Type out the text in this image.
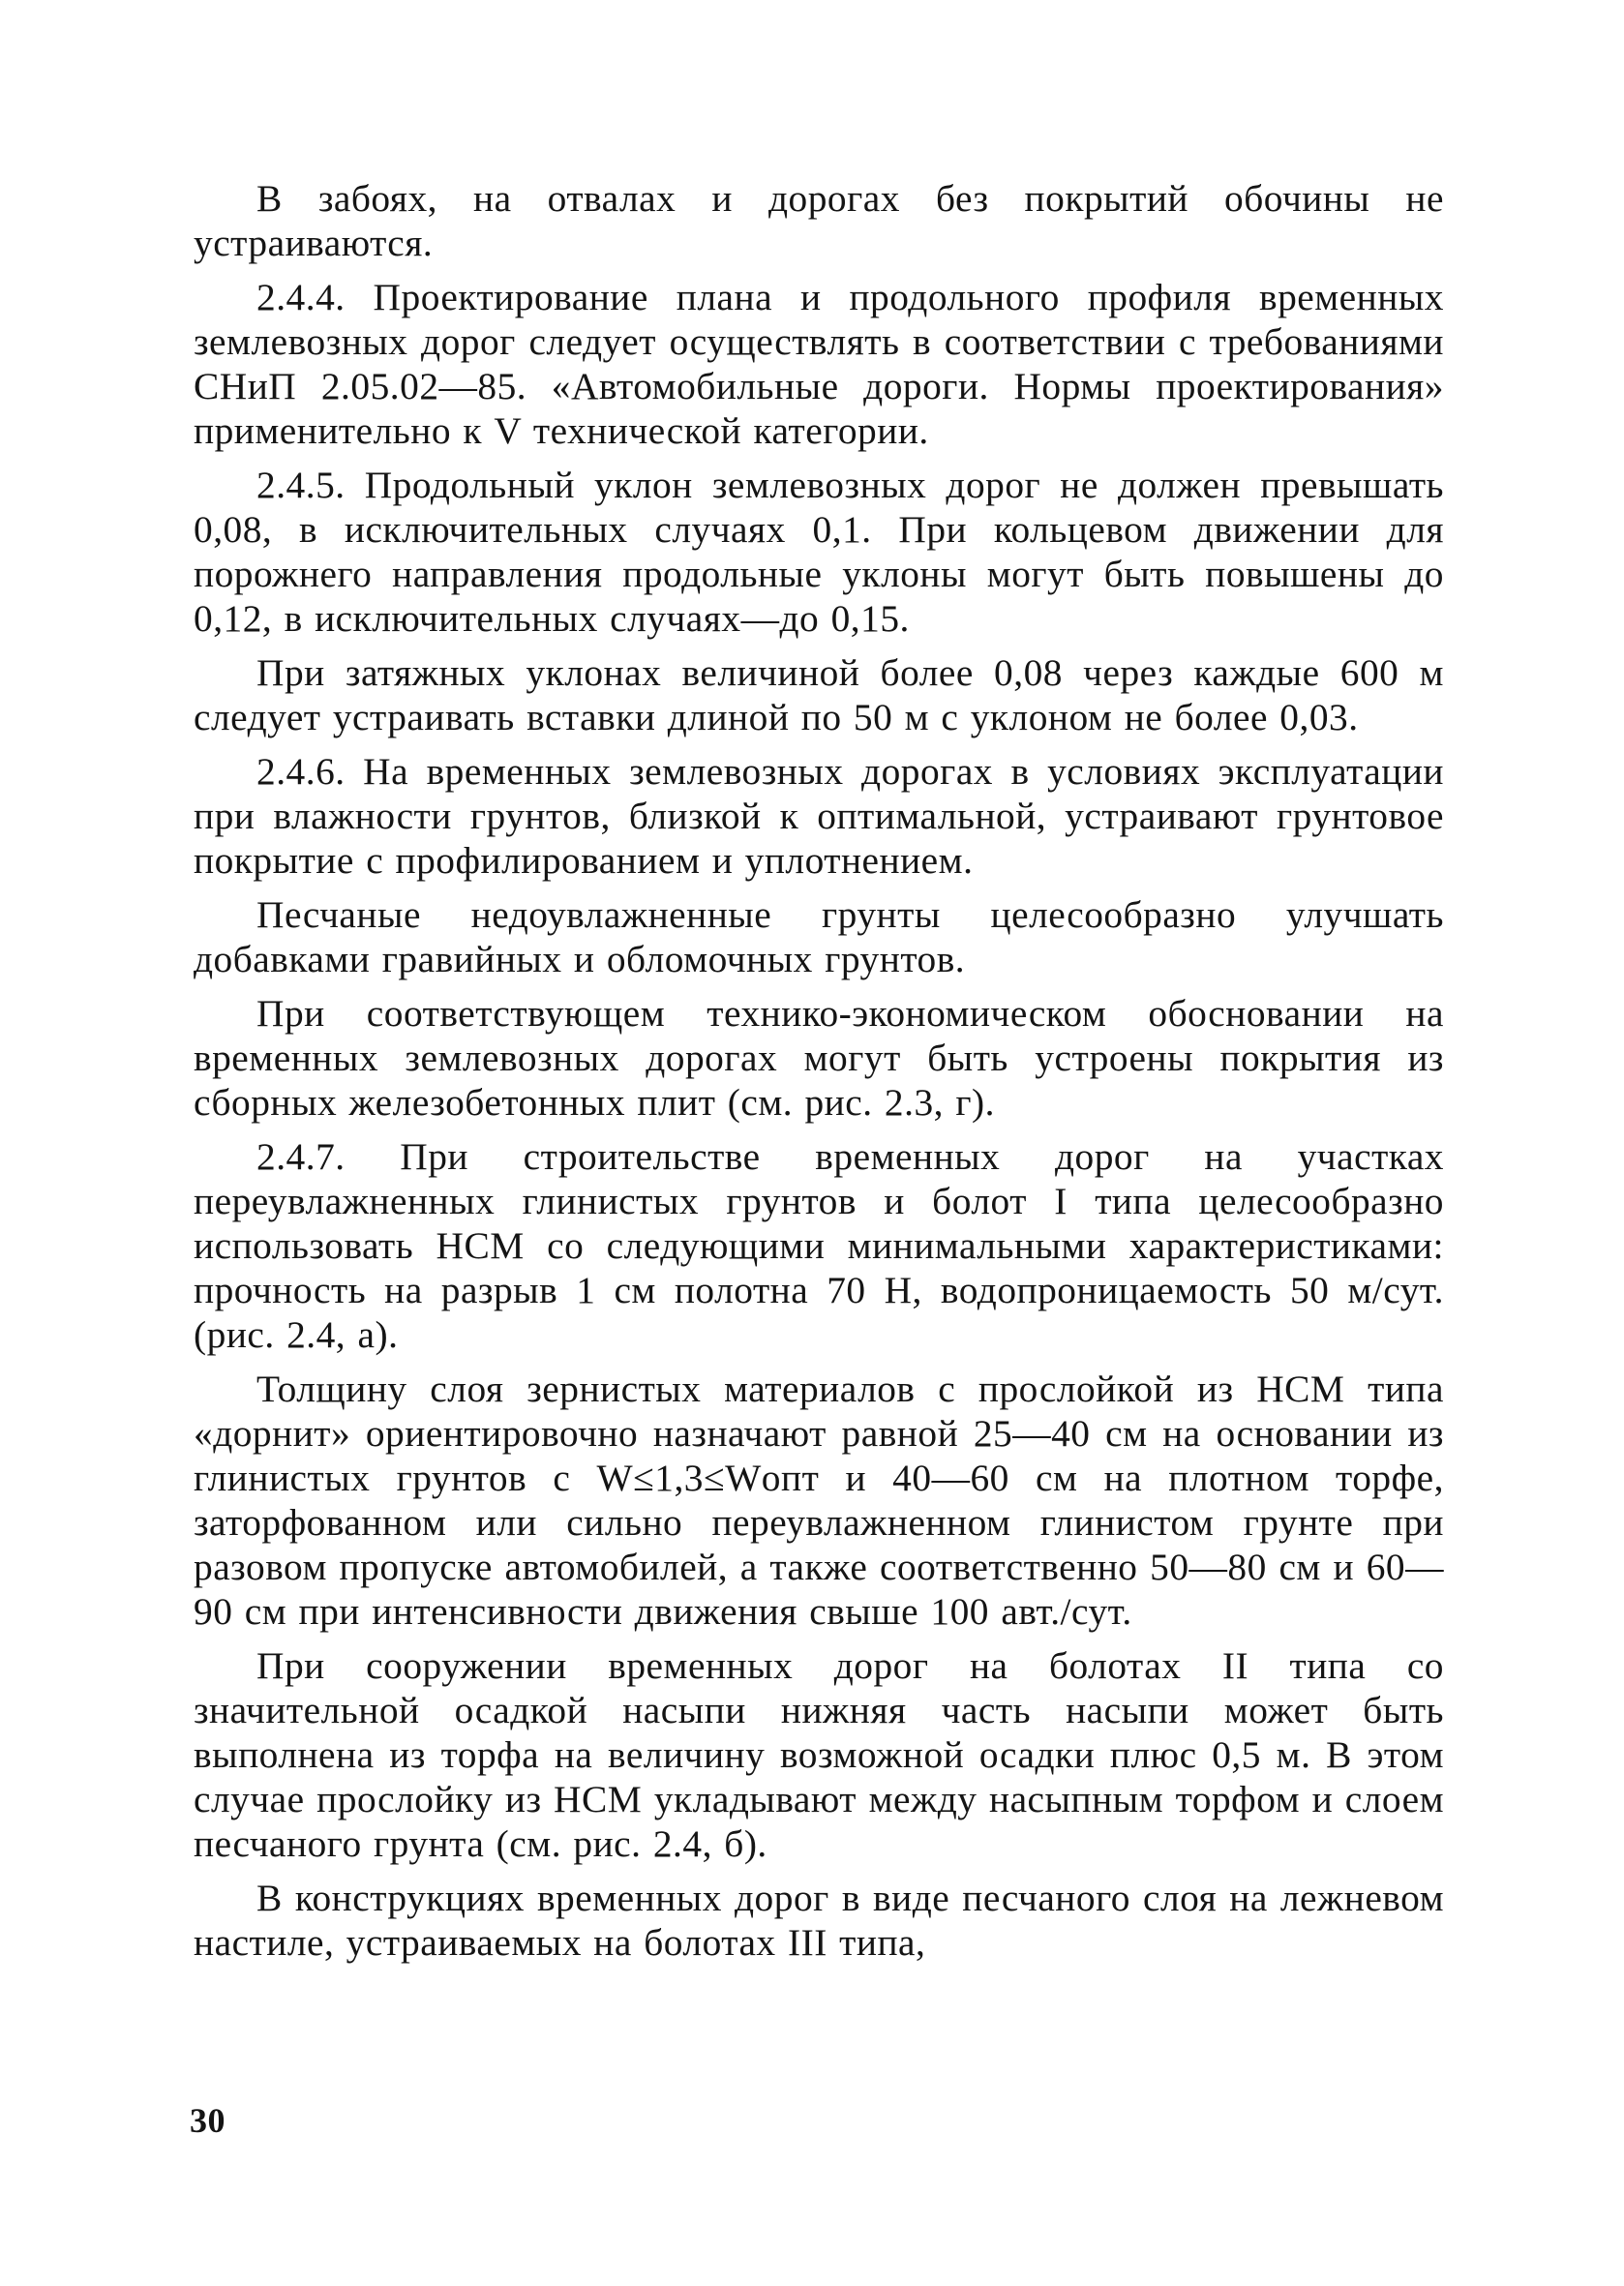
В забоях, на отвалах и дорогах без покрытий обочины не устраиваются.

2.4.4. Проектирование плана и продольного профиля временных землевозных дорог следует осуществлять в соответствии с требованиями СНиП 2.05.02—85. «Автомобильные дороги. Нормы проектирования» применительно к V технической категории.

2.4.5. Продольный уклон землевозных дорог не должен превышать 0,08, в исключительных случаях 0,1. При кольцевом движении для порожнего направления продольные уклоны могут быть повышены до 0,12, в исключительных случаях—до 0,15.

При затяжных уклонах величиной более 0,08 через каждые 600 м следует устраивать вставки длиной по 50 м с уклоном не более 0,03.

2.4.6. На временных землевозных дорогах в условиях эксплуатации при влажности грунтов, близкой к оптимальной, устраивают грунтовое покрытие с профилированием и уплотнением.

Песчаные недоувлажненные грунты целесообразно улучшать добавками гравийных и обломочных грунтов.

При соответствующем технико-экономическом обосновании на временных землевозных дорогах могут быть устроены покрытия из сборных железобетонных плит (см. рис. 2.3, г).

2.4.7. При строительстве временных дорог на участках переувлажненных глинистых грунтов и болот I типа целесообразно использовать НСМ со следующими минимальными характеристиками: прочность на разрыв 1 см полотна 70 Н, водопроницаемость 50 м/сут. (рис. 2.4, а).

Толщину слоя зернистых материалов с прослойкой из НСМ типа «дорнит» ориентировочно назначают равной 25—40 см на основании из глинистых грунтов с W≤1,3≤Wопт и 40—60 см на плотном торфе, заторфованном или сильно переувлажненном глинистом грунте при разовом пропуске автомобилей, а также соответственно 50—80 см и 60—90 см при интенсивности движения свыше 100 авт./сут.

При сооружении временных дорог на болотах II типа со значительной осадкой насыпи нижняя часть насыпи может быть выполнена из торфа на величину возможной осадки плюс 0,5 м. В этом случае прослойку из НСМ укладывают между насыпным торфом и слоем песчаного грунта (см. рис. 2.4, б).

В конструкциях временных дорог в виде песчаного слоя на лежневом настиле, устраиваемых на болотах III типа,

30
